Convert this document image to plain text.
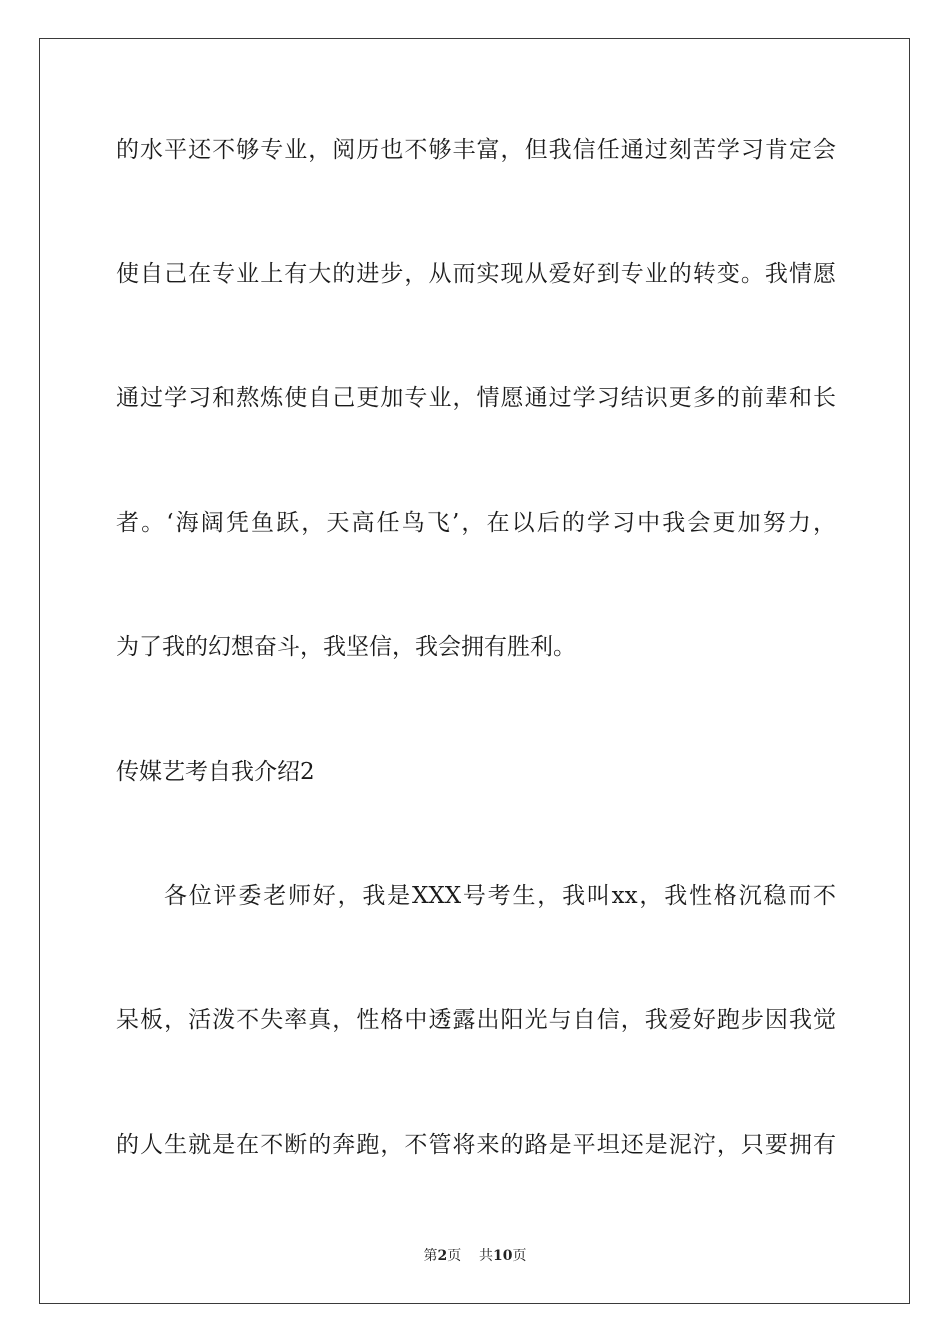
的水平还不够专业，阅历也不够丰富，但我信任通过刻苦学习肯定会
使自己在专业上有大的进步，从而实现从爱好到专业的转变。我情愿
通过学习和熬炼使自己更加专业，情愿通过学习结识更多的前辈和长
者。‘海阔凭鱼跃，天高任鸟飞’，在以后的学习中我会更加努力，
为了我的幻想奋斗，我坚信，我会拥有胜利。
传媒艺考自我介绍2
各位评委老师好，我是XXX号考生，我叫xx，我性格沉稳而不
呆板，活泼不失率真，性格中透露出阳光与自信，我爱好跑步因我觉
的人生就是在不断的奔跑，不管将来的路是平坦还是泥泞，只要拥有
第2页 共10页
